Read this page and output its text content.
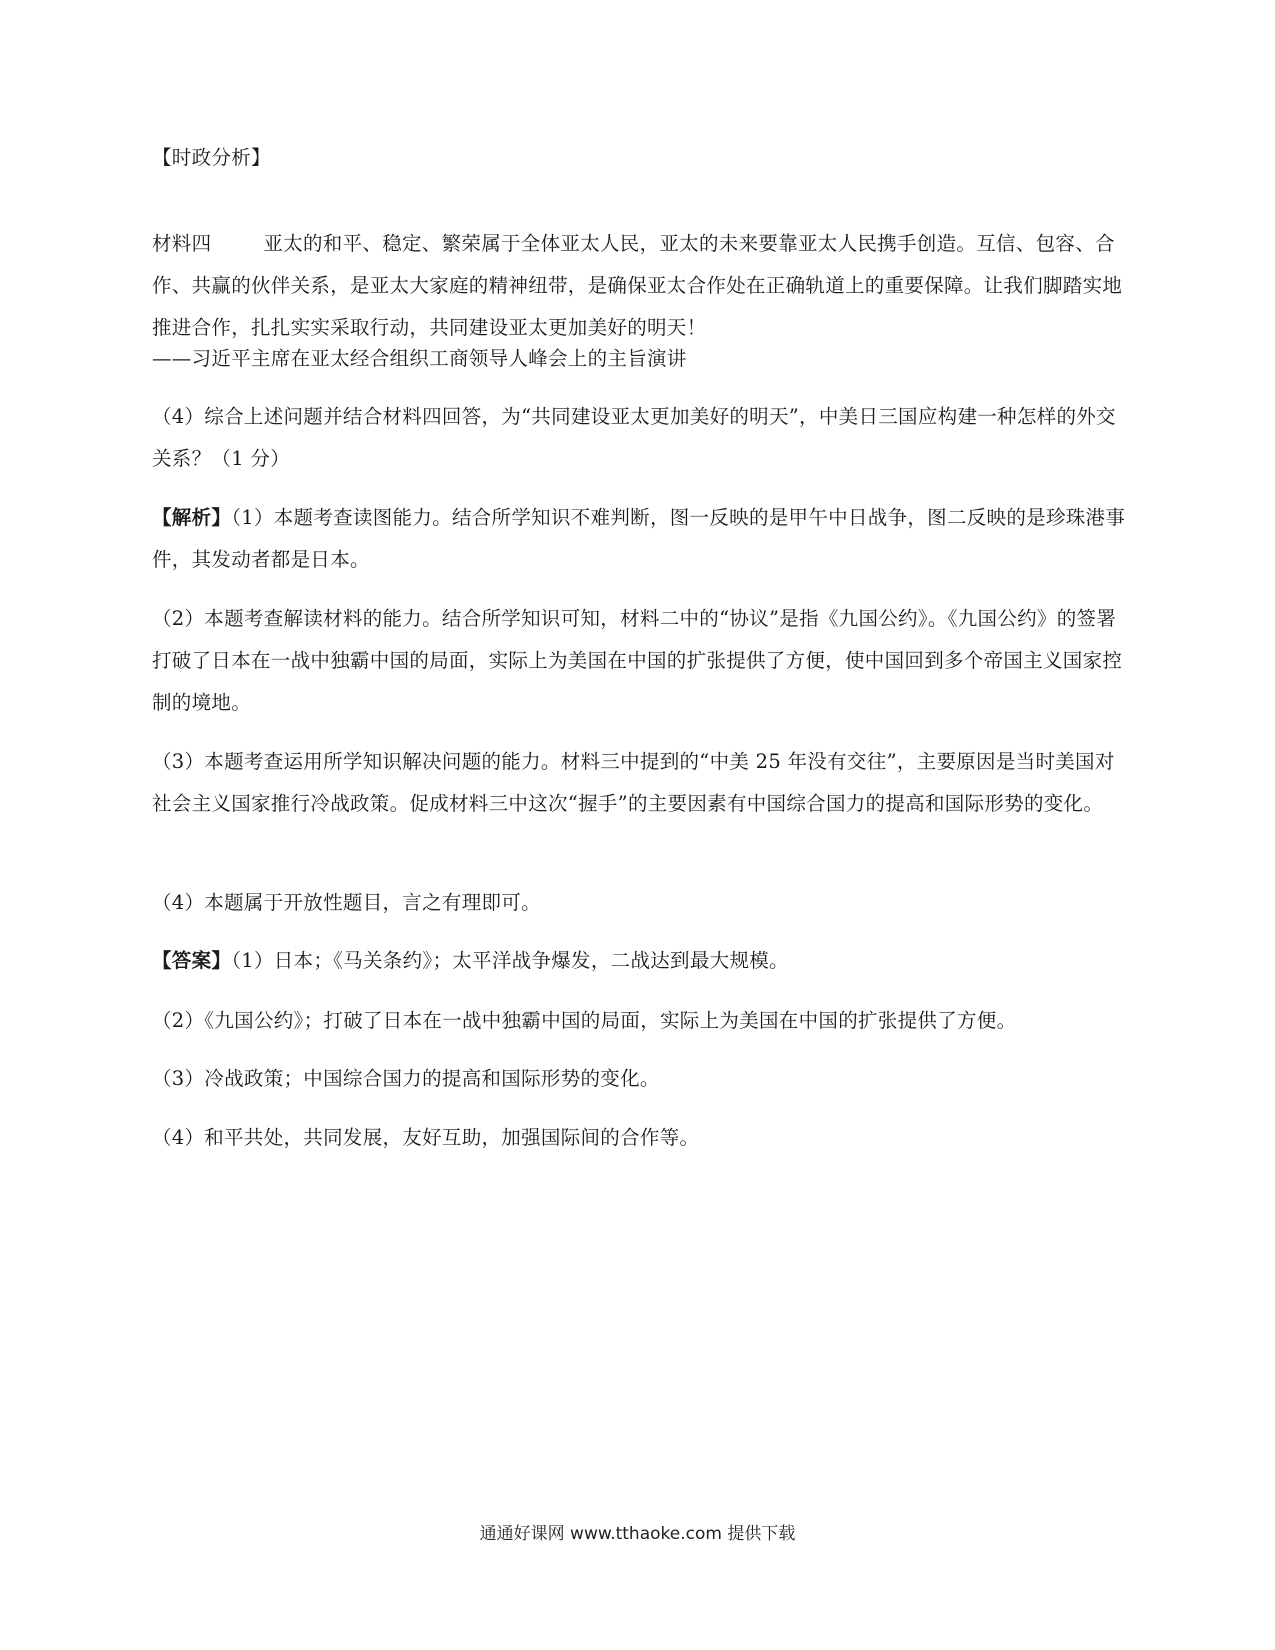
【时政分析】

材料四	亚太的和平、稳定、繁荣属于全体亚太人民，亚太的未来要靠亚太人民携手创造。互信、包容、合作、共赢的伙伴关系，是亚太大家庭的精神纽带，是确保亚太合作处在正确轨道上的重要保障。让我们脚踏实地推进合作，扎扎实实采取行动，共同建设亚太更加美好的明天！

——习近平主席在亚太经合组织工商领导人峰会上的主旨演讲

（4）综合上述问题并结合材料四回答，为“共同建设亚太更加美好的明天”，中美日三国应构建一种怎样的外交关系？（1 分）

【解析】（1）本题考查读图能力。结合所学知识不难判断，图一反映的是甲午中日战争，图二反映的是珍珠港事件，其发动者都是日本。

（2）本题考查解读材料的能力。结合所学知识可知，材料二中的“协议”是指《九国公约》。《九国公约》的签署打破了日本在一战中独霸中国的局面，实际上为美国在中国的扩张提供了方便，使中国回到多个帝国主义国家控制的境地。

（3）本题考查运用所学知识解决问题的能力。材料三中提到的“中美 25 年没有交往”，主要原因是当时美国对社会主义国家推行冷战政策。促成材料三中这次“握手”的主要因素有中国综合国力的提高和国际形势的变化。

（4）本题属于开放性题目，言之有理即可。

【答案】（1）日本；《马关条约》；太平洋战争爆发，二战达到最大规模。

（2）《九国公约》；打破了日本在一战中独霸中国的局面，实际上为美国在中国的扩张提供了方便。

（3）冷战政策；中国综合国力的提高和国际形势的变化。

（4）和平共处，共同发展，友好互助，加强国际间的合作等。

通通好课网 www.tthaoke.com 提供下载
